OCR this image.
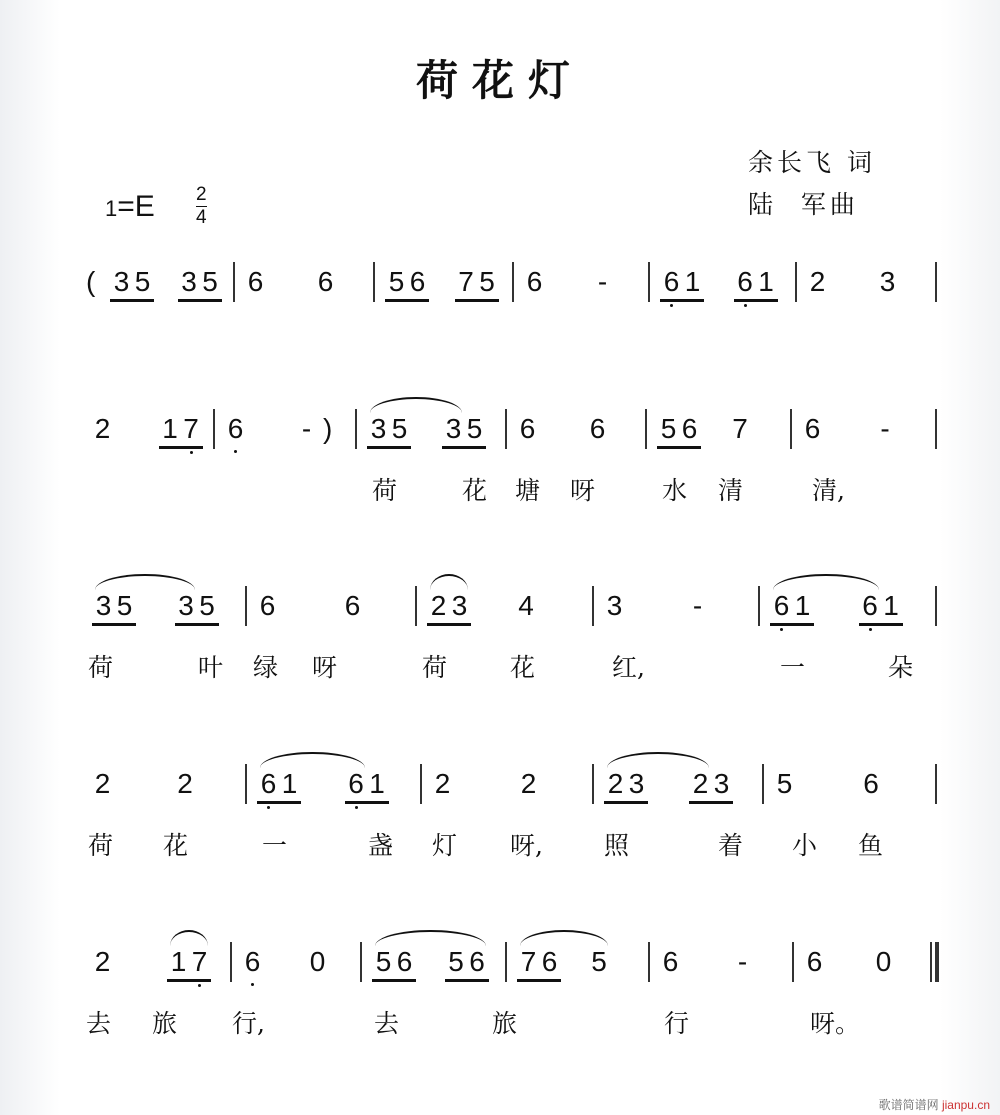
荷花灯
余长飞 词
陆  军曲
1=E 2
4
( 3 5 3 5 6 6 5 6 7 5 6 - 6 1 6 1 2 3
2 1 7 6 - ) 3 5 3 5 6 6 5 6 7 6 -
荷	花 塘 呀	水 清	清,
3 5 3 5 6 6	2 3 4	3	-	6 1 6 1
荷	叶 绿 呀	荷	花	红,	一	朵
2 2 6 1 6 1 2	2	2 3 2 3 5	6
荷 花	一	盏 灯 呀, 照	着 小 鱼
2 1 7 6 0 5 6 5 6 7 6 5 6 - 6 0
去 旅 行,	去	旅	行	呀。
歌谱简谱网 jianpu.cn
